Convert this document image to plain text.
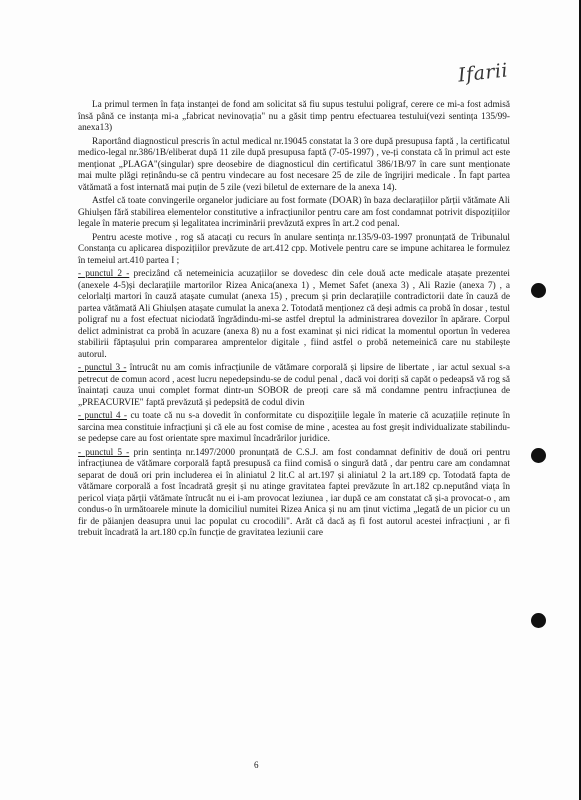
Ifarii

La primul termen în fața instanței de fond am solicitat să fiu supus testului poligraf, cerere ce mi-a fost admisă însă până ce instanța mi-a „fabricat nevinovația" nu a găsit timp pentru efectuarea testului(vezi sentința 135/99-anexa13)

Raportând diagnosticul prescris în actul medical nr.19045 constatat la 3 ore după presupusa faptă , la certificatul medico-legal nr.386/1B/eliberat după 11 zile după presupusa faptă (7-05-1997) , ve-ți constata că în primul act este menționat „PLAGA"(singular) spre deosebire de diagnosticul din certificatul 386/1B/97 în care sunt menționate mai multe plăgi reținându-se că pentru vindecare au fost necesare 25 de zile de îngrijiri medicale . În fapt partea vătămată a fost internată mai puțin de 5 zile (vezi biletul de externare de la anexa 14).

Astfel că toate convingerile organelor judiciare au fost formate (DOAR) în baza declarațiilor părții vătămate Ali Ghiulșen fără stabilirea elementelor constitutive a infracțiunilor pentru care am fost condamnat potrivit dispozițiilor legale în materie precum și legalitatea incriminării prevăzută expres în art.2 cod penal.

Pentru aceste motive , rog să atacați cu recurs în anulare sentința nr.135/9-03-1997 pronunțată de Tribunalul Constanța cu aplicarea dispozițiilor prevăzute de art.412 cpp. Motivele pentru care se impune achitarea le formulez în temeiul art.410 partea I ;

- punctul 2 - precizând că netemeinicia acuzațiilor se dovedesc din cele două acte medicale atașate prezentei (anexele 4-5)și declarațiile martorilor Rizea Anica(anexa 1) , Memet Safet (anexa 3) , Ali Razie (anexa 7) , a celorlalți martori în cauză atașate cumulat (anexa 15) , precum și prin declarațiile contradictorii date în cauză de partea vătămată Ali Ghiulșen atașate cumulat la anexa 2. Totodată menționez că deși admis ca probă în dosar , testul poligraf nu a fost efectuat niciodată îngrădindu-mi-se astfel dreptul la administrarea dovezilor în apărare. Corpul delict administrat ca probă în acuzare (anexa 8) nu a fost examinat și nici ridicat la momentul oportun în vederea stabilirii făptașului prin compararea amprentelor digitale , fiind astfel o probă netemeinică care nu stabilește autorul.

- punctul 3 - întrucât nu am comis infracțiunile de vătămare corporală și lipsire de libertate , iar actul sexual s-a petrecut de comun acord , acest lucru nepedepsindu-se de codul penal , dacă voi doriți să capăt o pedeapsă vă rog să înaintați cauza unui complet format dintr-un SOBOR de preoți care să mă condamne pentru infracțiunea de „PREACURVIE" faptă prevăzută și pedepsită de codul divin

- punctul 4 - cu toate că nu s-a dovedit în conformitate cu dispozițiile legale în materie că acuzațiile reținute în sarcina mea constituie infracțiuni și că ele au fost comise de mine , acestea au fost greșit individualizate stabilindu-se pedepse care au fost orientate spre maximul încadrărilor juridice.

- punctul 5 - prin sentința nr.1497/2000 pronunțată de C.S.J. am fost condamnat definitiv de două ori pentru infracțiunea de vătămare corporală faptă presupusă ca fiind comisă o singură dată , dar pentru care am condamnat separat de două ori prin includerea ei în aliniatul 2 lit.C al art.197 și aliniatul 2 la art.189 cp. Totodată fapta de vătămare corporală a fost încadrată greșit și nu atinge gravitatea faptei prevăzute în art.182 cp.neputând viața în pericol viața părții vătămate întrucât nu ei i-am provocat leziunea , iar după ce am constatat că și-a provocat-o , am condus-o în următoarele minute la domiciliul numitei Rizea Anica și nu am ținut victima „legată de un picior cu un fir de păianjen deasupra unui lac populat cu crocodili". Arăt că dacă aș fi fost autorul acestei infracțiuni , ar fi trebuit încadrată la art.180 cp.în funcție de gravitatea leziunii care

6
